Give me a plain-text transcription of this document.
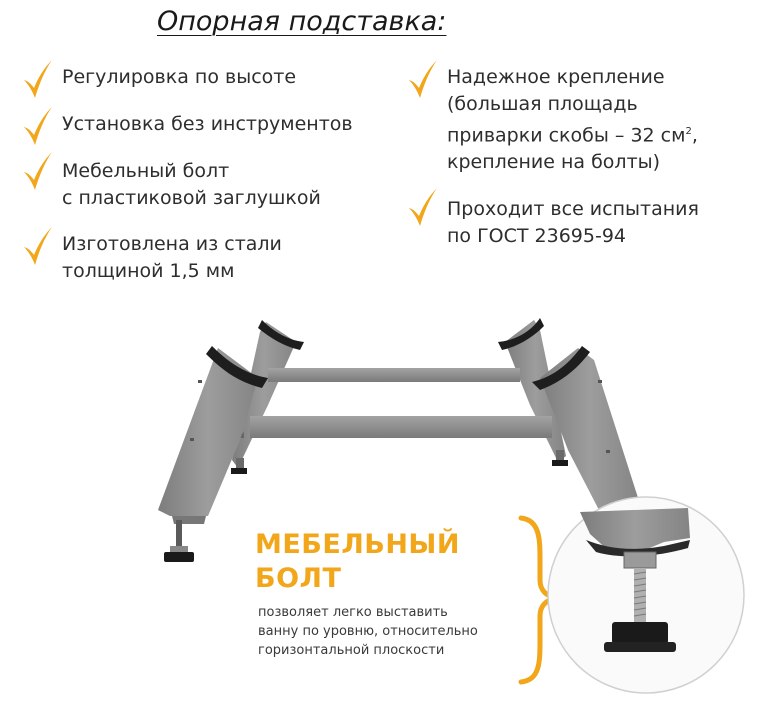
Опорная подставка:
Регулировка по высоте
Установка без инструментов
Мебельный болт
с пластиковой заглушкой
Изготовлена из стали
толщиной 1,5 мм
Надежное крепление
(большая площадь
приварки скобы – 32 $см^2$,
крепление на болты)
Проходит все испытания
по ГОСТ 23695-94
МЕБЕЛЬНЫЙ
БОЛТ
позволяет легко выставить
ванну по уровню, относительно
горизонтальной плоскости
